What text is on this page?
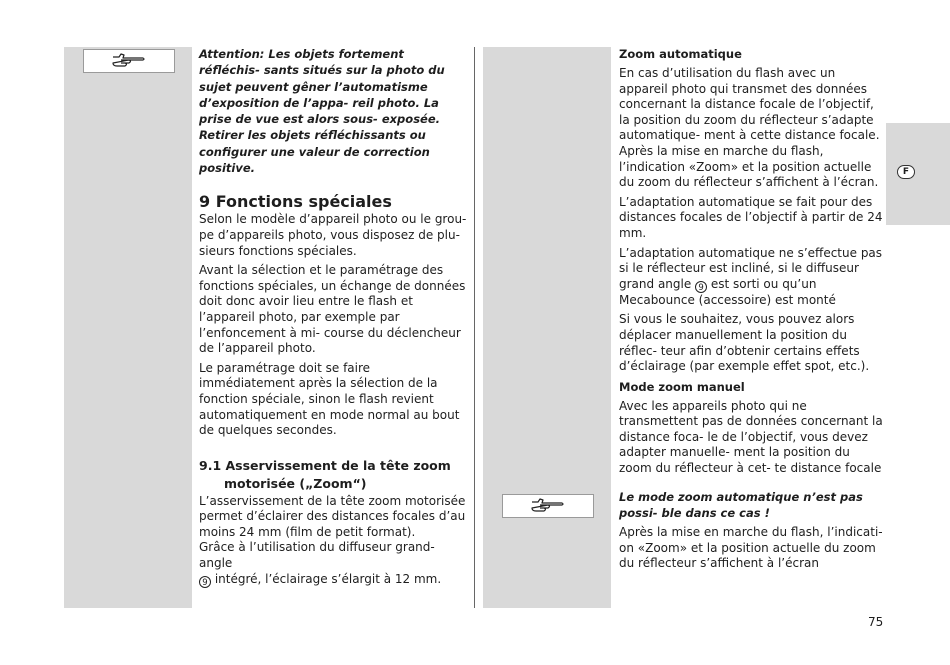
Attention: Les objets fortement réfléchis- sants situés sur la photo du sujet peuvent gêner l’automatisme d’exposition de l’appa- reil photo. La prise de vue est alors sous- exposée. Retirer les objets réfléchissants ou configurer une valeur de correction positive.

9 Fonctions spéciales

Selon le modèle d’appareil photo ou le grou- pe d’appareils photo, vous disposez de plu- sieurs fonctions spéciales.

Avant la sélection et le paramétrage des fonctions spéciales, un échange de données doit donc avoir lieu entre le flash et l’appareil photo, par exemple par l’enfoncement à mi- course du déclencheur de l’appareil photo.

Le paramétrage doit se faire immédiatement après la sélection de la fonction spéciale, sinon le flash revient automatiquement en mode normal au bout de quelques secondes.

9.1 Asservissement de la tête zoom
motorisée („Zoom“)

L’asservissement de la tête zoom motorisée permet d’éclairer des distances focales d’au moins 24 mm (film de petit format).

Grâce à l’utilisation du diffuseur grand-angle
9 intégré, l’éclairage s’élargit à 12 mm.

Zoom automatique

En cas d’utilisation du flash avec un appareil photo qui transmet des données concernant la distance focale de l’objectif, la position du zoom du réflecteur s’adapte automatique- ment à cette distance focale. Après la mise en marche du flash, l’indication «Zoom» et la position actuelle du zoom du réflecteur s’affichent à l’écran.

L’adaptation automatique se fait pour des distances focales de l’objectif à partir de 24 mm.

L’adaptation automatique ne s’effectue pas si le réflecteur est incliné, si le diffuseur grand angle 9 est sorti ou qu’un Mecabounce (accessoire) est monté

Si vous le souhaitez, vous pouvez alors déplacer manuellement la position du réflec- teur afin d’obtenir certains effets d’éclairage (par exemple effet spot, etc.).

Mode zoom manuel

Avec les appareils photo qui ne transmettent pas de données concernant la distance foca- le de l’objectif, vous devez adapter manuelle- ment la position du zoom du réflecteur à cet- te distance focale

Le mode zoom automatique n’est pas possi- ble dans ce cas !

Après la mise en marche du flash, l’indicati- on «Zoom» et la position actuelle du zoom du réflecteur s’affichent à l’écran

F
75
